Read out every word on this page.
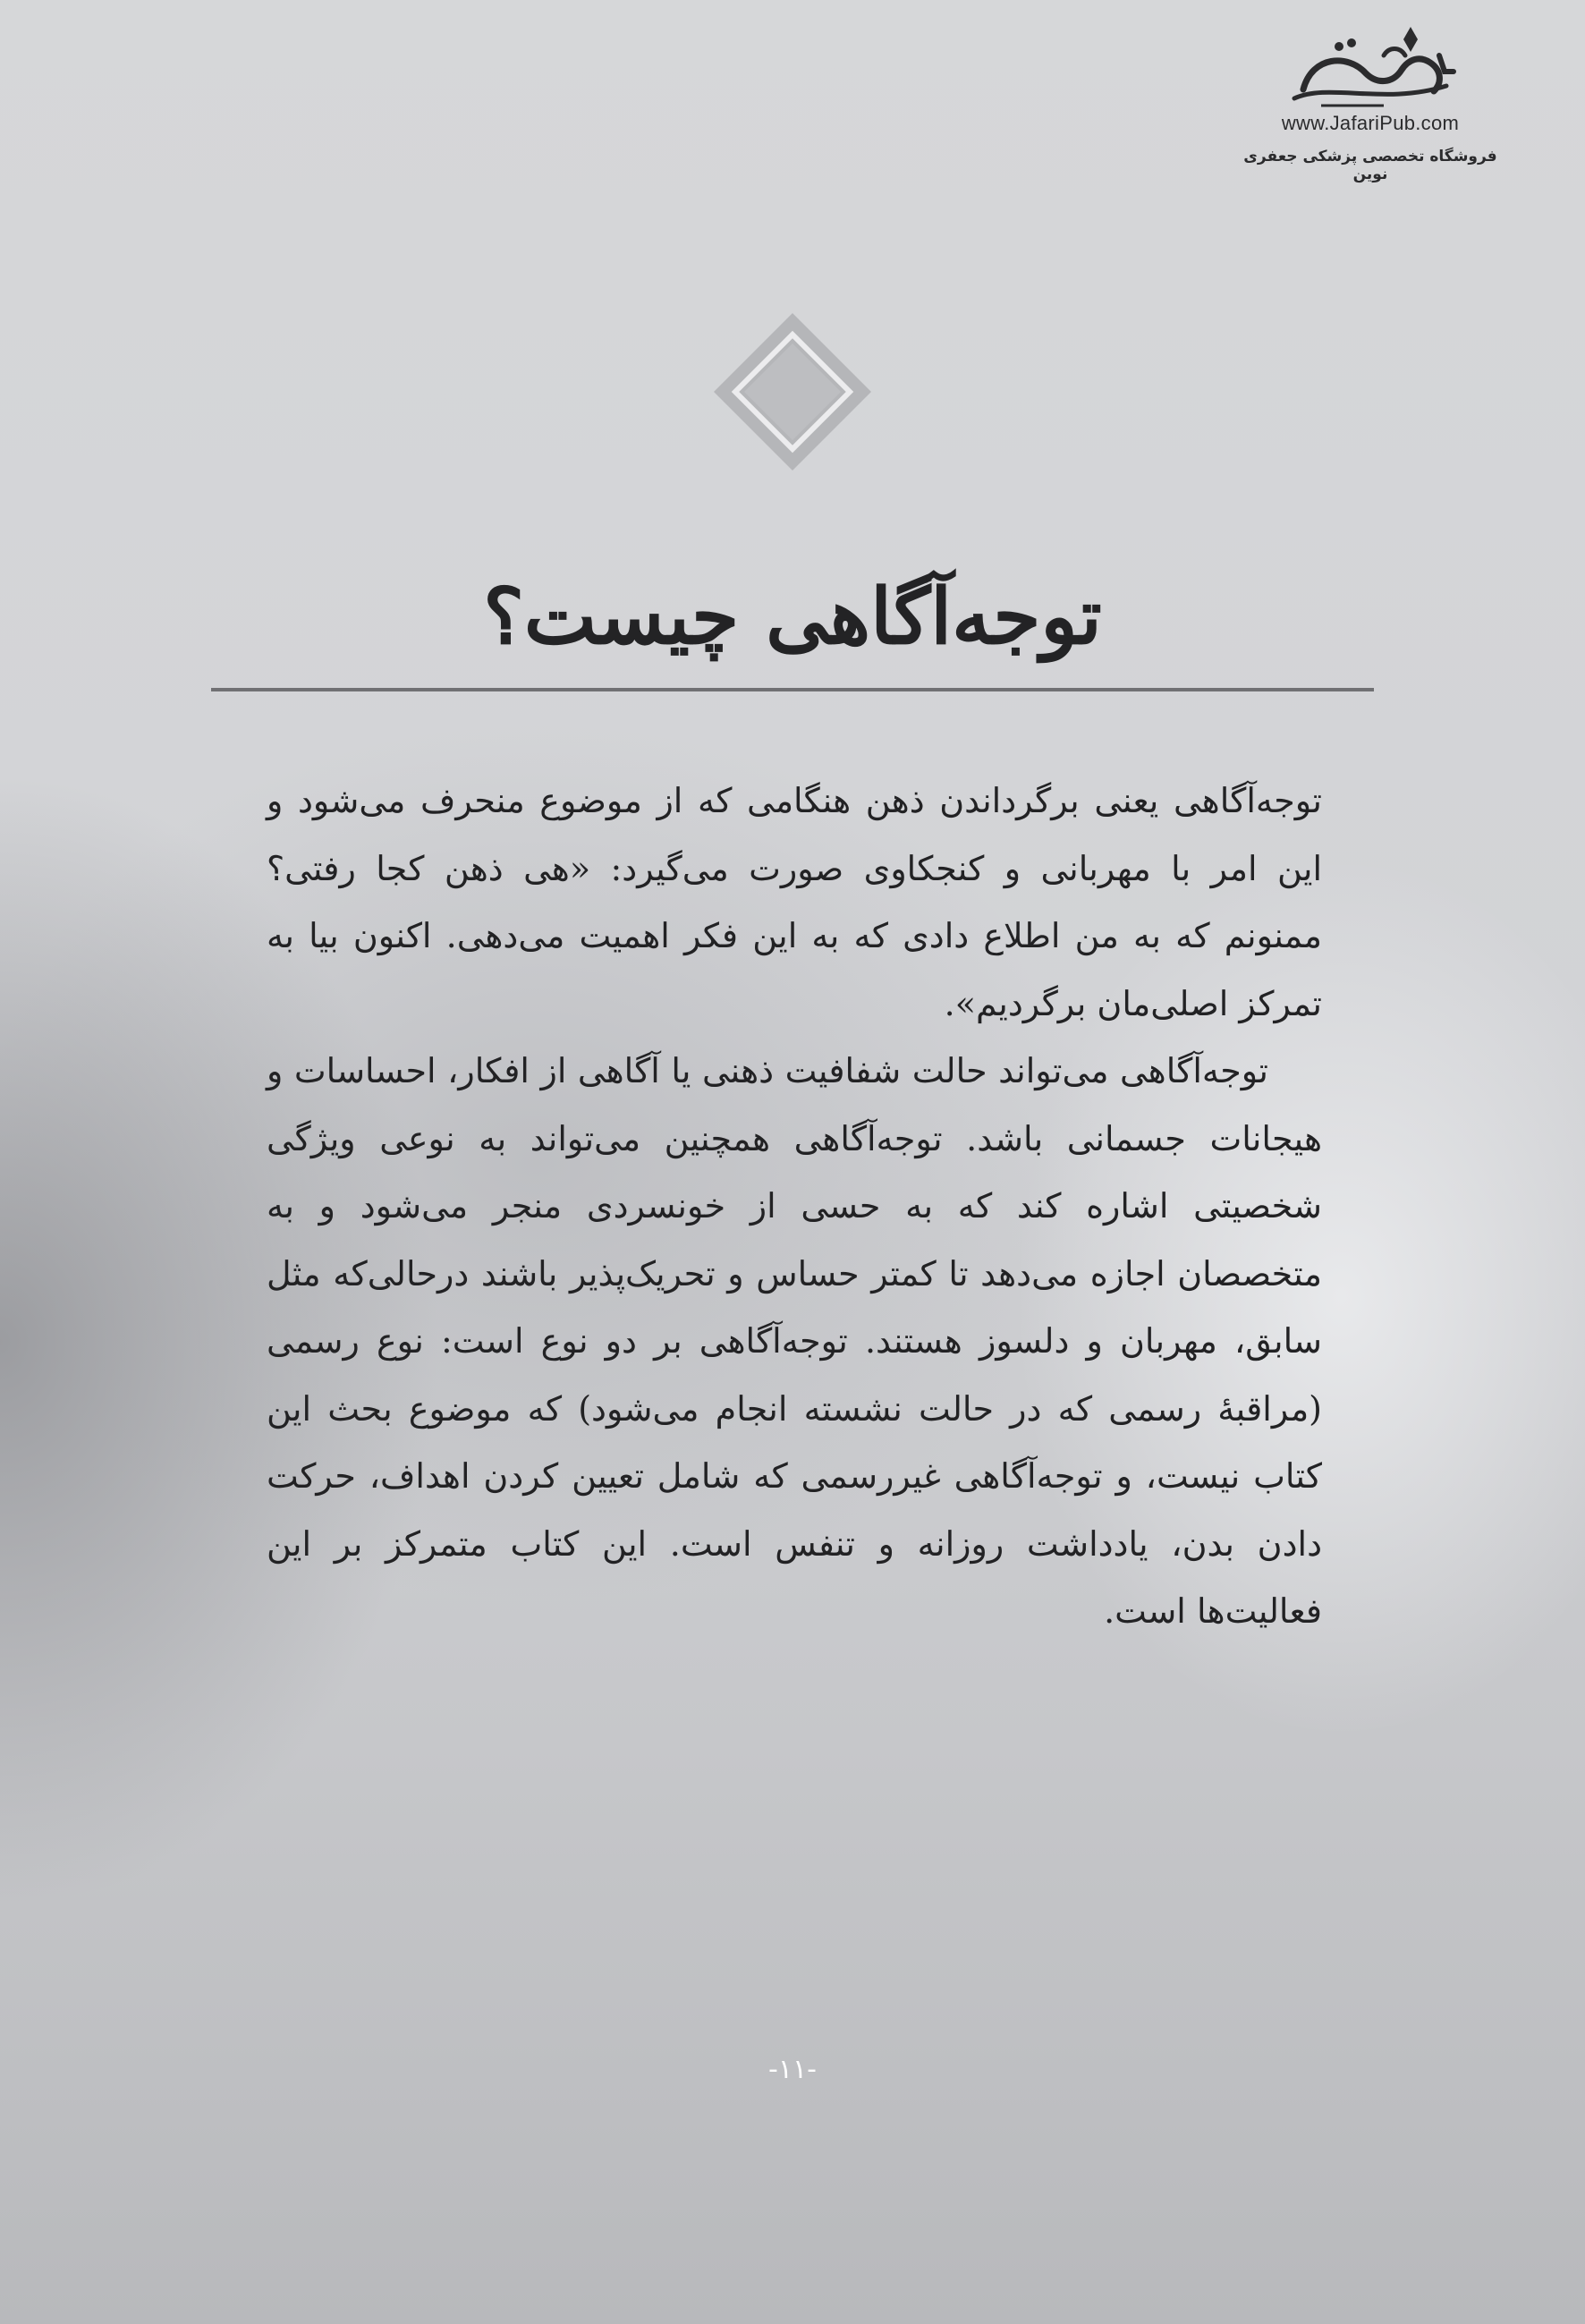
www.JafariPub.com
فروشگاه تخصصی پزشکی جعفری نوین
توجه‌آگاهی چیست؟

توجه‌آگاهی یعنی برگرداندن ذهن هنگامی که از موضوع منحرف می‌شود و این امر با مهربانی و کنجکاوی صورت می‌گیرد: «هی ذهن کجا رفتی؟ ممنونم که به من اطلاع دادی که به این فکر اهمیت می‌دهی. اکنون بیا به تمرکز اصلی‌مان برگردیم».

توجه‌آگاهی می‌تواند حالت شفافیت ذهنی یا آگاهی از افکار، احساسات و هیجانات جسمانی باشد. توجه‌آگاهی همچنین می‌تواند به نوعی ویژگی شخصیتی اشاره کند که به حسی از خونسردی منجر می‌شود و به متخصصان اجازه می‌دهد تا کمتر حساس و تحریک‌پذیر باشند درحالی‌که مثل سابق، مهربان و دلسوز هستند. توجه‌آگاهی بر دو نوع است: نوع رسمی (مراقبهٔ رسمی که در حالت نشسته انجام می‌شود) که موضوع بحث این کتاب نیست، و توجه‌آگاهی غیررسمی که شامل تعیین کردن اهداف، حرکت دادن بدن، یادداشت روزانه و تنفس است. این کتاب متمرکز بر این فعالیت‌ها است.

-۱۱-
